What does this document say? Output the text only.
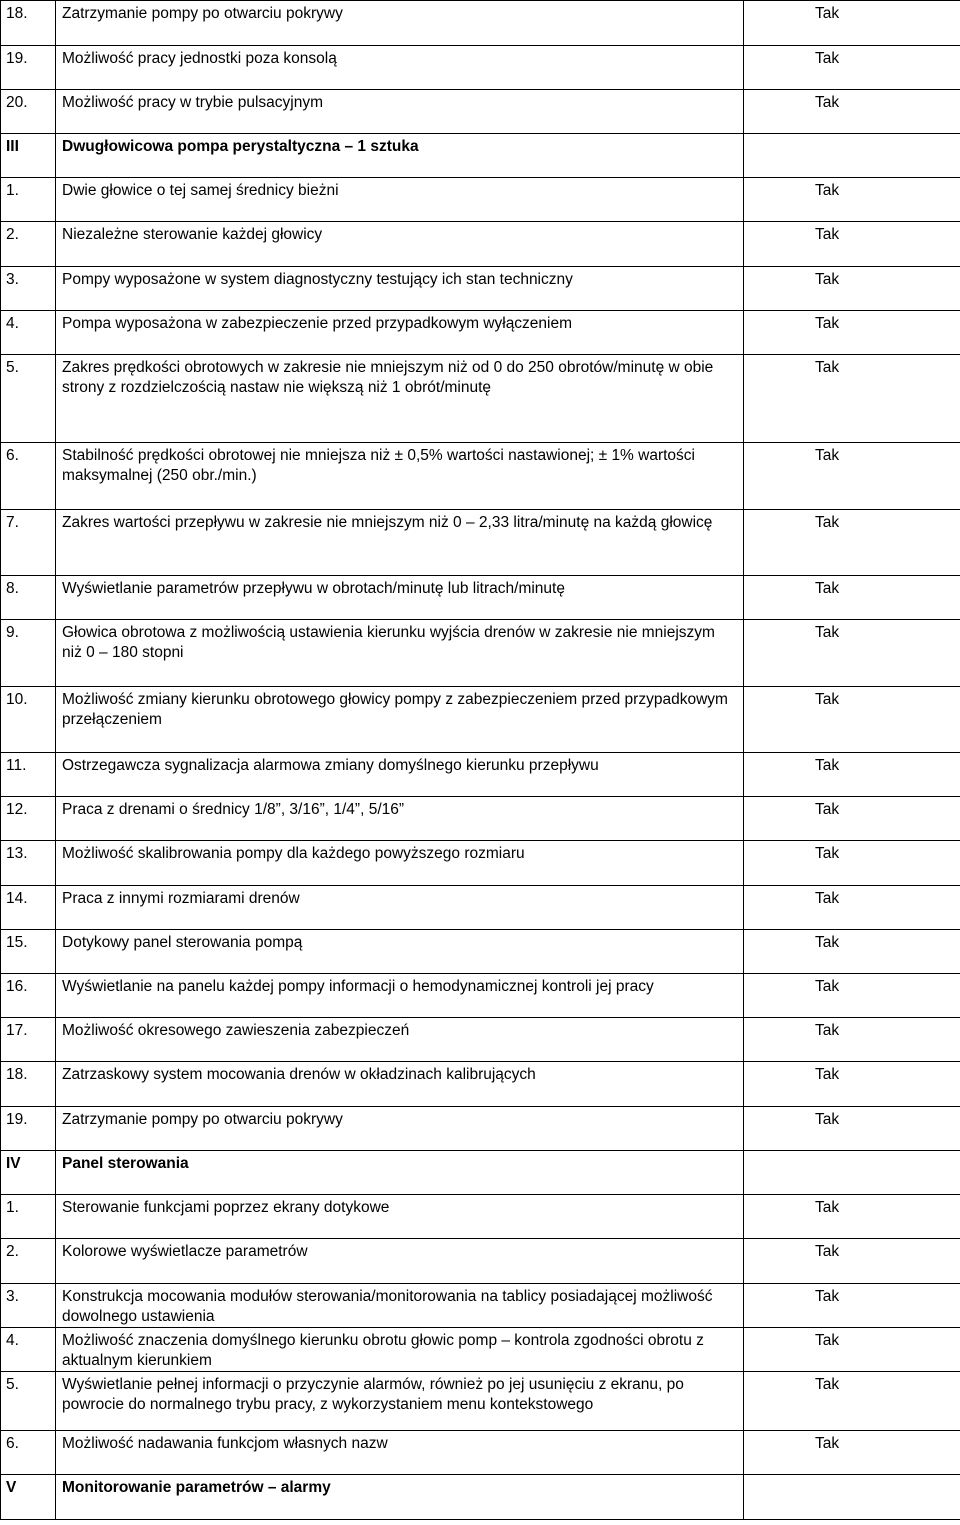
18.	Zatrzymanie pompy po otwarciu pokrywy	Tak
19.	Możliwość pracy jednostki poza konsolą	Tak
20.	Możliwość pracy w trybie pulsacyjnym	Tak
III	Dwugłowicowa pompa perystaltyczna – 1 sztuka	
1.	Dwie głowice o tej samej średnicy bieżni	Tak
2.	Niezależne sterowanie każdej głowicy	Tak
3.	Pompy wyposażone w system diagnostyczny testujący ich stan techniczny	Tak
4.	Pompa wyposażona w zabezpieczenie przed przypadkowym wyłączeniem	Tak
5.	Zakres prędkości obrotowych w zakresie nie mniejszym niż od 0 do 250 obrotów/minutę w obie strony z rozdzielczością nastaw nie większą niż 1 obrót/minutę	Tak
6.	Stabilność prędkości obrotowej nie mniejsza niż ± 0,5% wartości nastawionej; ± 1% wartości maksymalnej (250 obr./min.)	Tak
7.	Zakres wartości przepływu w zakresie nie mniejszym niż 0 – 2,33 litra/minutę na każdą głowicę	Tak
8.	Wyświetlanie parametrów przepływu w obrotach/minutę lub litrach/minutę	Tak
9.	Głowica obrotowa z możliwością ustawienia kierunku wyjścia drenów w zakresie nie mniejszym niż 0 – 180 stopni	Tak
10.	Możliwość zmiany kierunku obrotowego głowicy pompy z zabezpieczeniem przed przypadkowym przełączeniem	Tak
11.	Ostrzegawcza sygnalizacja alarmowa zmiany domyślnego kierunku przepływu	Tak
12.	Praca z drenami o średnicy 1/8”, 3/16”, 1/4”, 5/16”	Tak
13.	Możliwość skalibrowania pompy dla każdego powyższego rozmiaru	Tak
14.	Praca z innymi rozmiarami drenów	Tak
15.	Dotykowy panel sterowania pompą	Tak
16.	Wyświetlanie na panelu każdej pompy informacji o hemodynamicznej kontroli jej pracy	Tak
17.	Możliwość okresowego zawieszenia zabezpieczeń	Tak
18.	Zatrzaskowy system mocowania drenów w okładzinach kalibrujących	Tak
19.	Zatrzymanie pompy po otwarciu pokrywy	Tak
IV	Panel sterowania	
1.	Sterowanie funkcjami poprzez ekrany dotykowe	Tak
2.	Kolorowe wyświetlacze parametrów	Tak
3.	Konstrukcja mocowania modułów sterowania/monitorowania na tablicy posiadającej możliwość dowolnego ustawienia	Tak
4.	Możliwość znaczenia domyślnego kierunku obrotu głowic pomp – kontrola zgodności obrotu z aktualnym kierunkiem	Tak
5.	Wyświetlanie pełnej informacji o przyczynie alarmów, również po jej usunięciu z ekranu, po powrocie do normalnego trybu pracy, z wykorzystaniem menu kontekstowego	Tak
6.	Możliwość nadawania funkcjom własnych nazw	Tak
V	Monitorowanie parametrów – alarmy	
